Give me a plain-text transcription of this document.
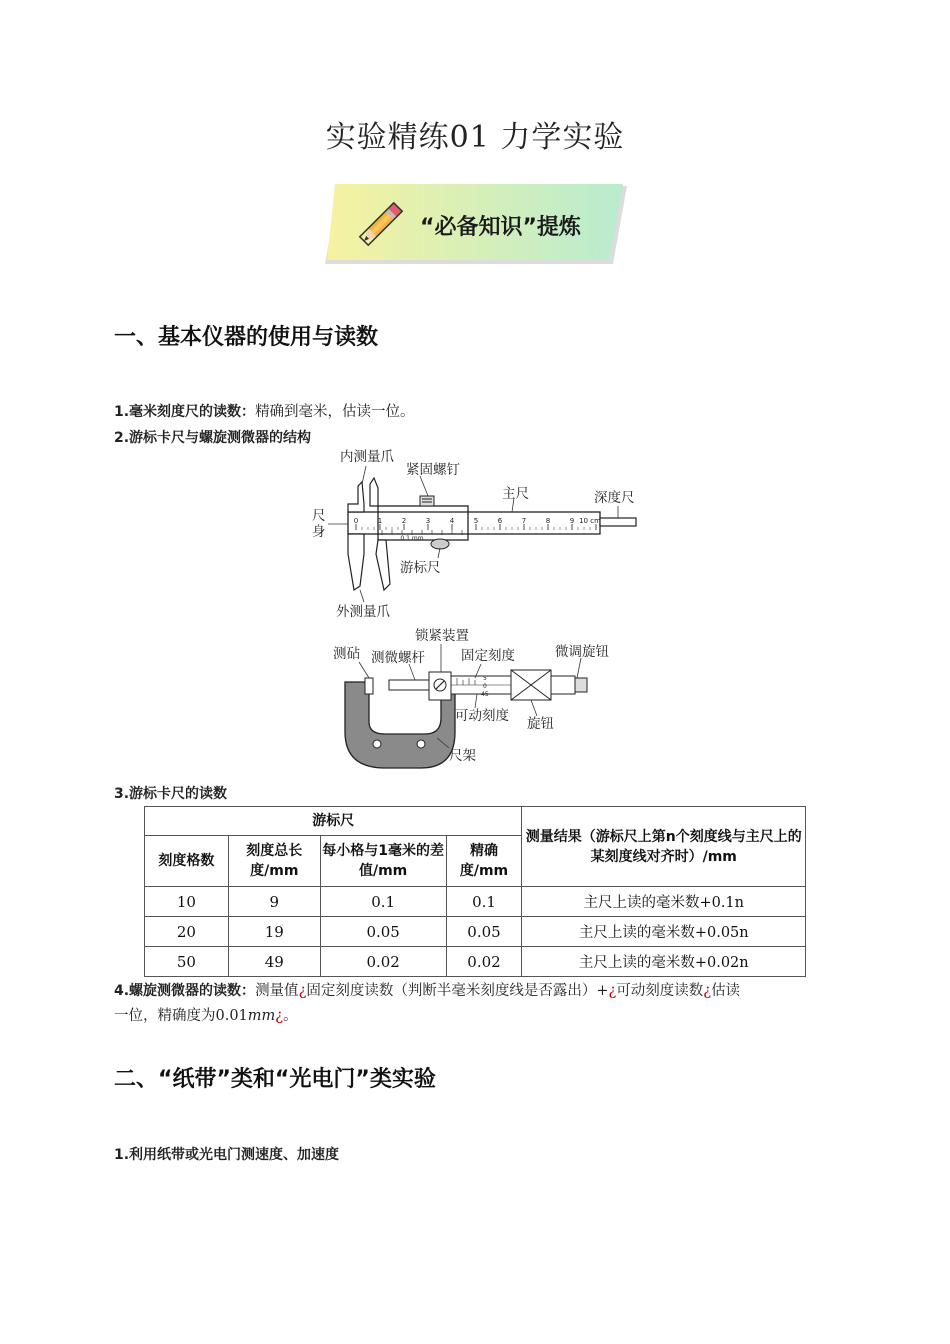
实验精练01 力学实验
“必备知识”提炼
一、基本仪器的使用与读数
1.毫米刻度尺的读数：精确到毫米，估读一位。
2.游标卡尺与螺旋测微器的结构
0	1	2	3	4	5	6	7	8	9 10 cm
0.1 mm
内测量爪
紧固螺钉
主尺	深度尺
尺
身
游标尺
外测量爪
5
0
45
测砧 测微螺杆
锁紧装置
固定刻度	微调旋钮
可动刻度 旋钮
尺架
3.游标卡尺的读数
游标尺				测量结果（游标尺上第n个刻度线与主尺上的某刻度线对齐时）/mm
刻度格数	刻度总长度/mm	每小格与1毫米的差值/mm	精确度/mm	
10	9	0.1	0.1	主尺上读的毫米数+0.1n
20	19	0.05	0.05	主尺上读的毫米数+0.05n
50	49	0.02	0.02	主尺上读的毫米数+0.02n
4.螺旋测微器的读数：测量值¿固定刻度读数（判断半毫米刻度线是否露出）+¿可动刻度读数¿估读
一位，精确度为0.01mm¿。
二、“纸带”类和“光电门”类实验
1.利用纸带或光电门测速度、加速度
